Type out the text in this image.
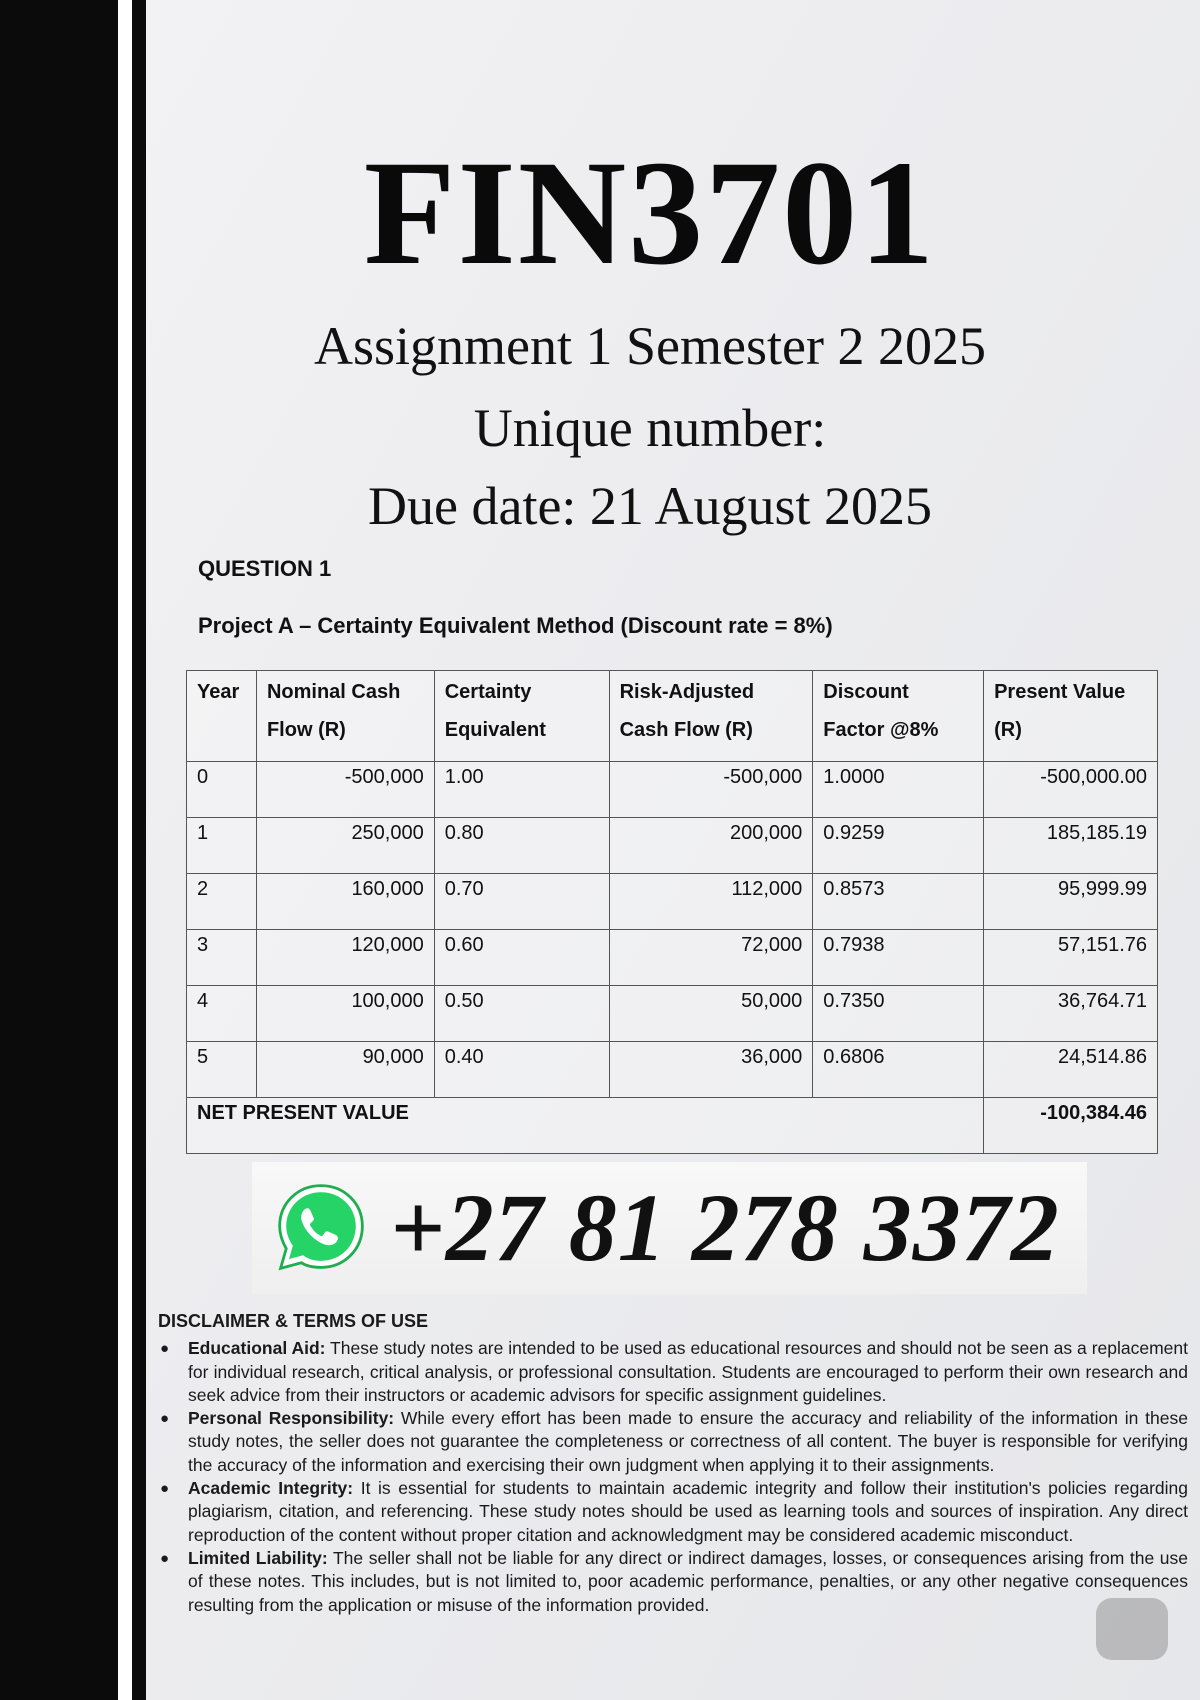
FIN3701
Assignment 1 Semester 2 2025
Unique number:
Due date: 21 August 2025
QUESTION 1
Project A – Certainty Equivalent Method (Discount rate = 8%)
Year	Nominal Cash Flow (R)	Certainty Equivalent	Risk-Adjusted Cash Flow (R)	Discount Factor @8%	Present Value (R)
0	-500,000	1.00	-500,000	1.0000	-500,000.00
1	250,000	0.80	200,000	0.9259	185,185.19
2	160,000	0.70	112,000	0.8573	95,999.99
3	120,000	0.60	72,000	0.7938	57,151.76
4	100,000	0.50	50,000	0.7350	36,764.71
5	90,000	0.40	36,000	0.6806	24,514.86
NET PRESENT VALUE					-100,384.46
+27 81 278 3372
DISCLAIMER & TERMS OF USE
● Educational Aid: These study notes are intended to be used as educational resources and should not be seen as a replacement for individual research, critical analysis, or professional consultation. Students are encouraged to perform their own research and seek advice from their instructors or academic advisors for specific assignment guidelines.
● Personal Responsibility: While every effort has been made to ensure the accuracy and reliability of the information in these study notes, the seller does not guarantee the completeness or correctness of all content. The buyer is responsible for verifying the accuracy of the information and exercising their own judgment when applying it to their assignments.
● Academic Integrity: It is essential for students to maintain academic integrity and follow their institution's policies regarding plagiarism, citation, and referencing. These study notes should be used as learning tools and sources of inspiration. Any direct reproduction of the content without proper citation and acknowledgment may be considered academic misconduct.
● Limited Liability: The seller shall not be liable for any direct or indirect damages, losses, or consequences arising from the use of these notes. This includes, but is not limited to, poor academic performance, penalties, or any other negative consequences resulting from the application or misuse of the information provided.
